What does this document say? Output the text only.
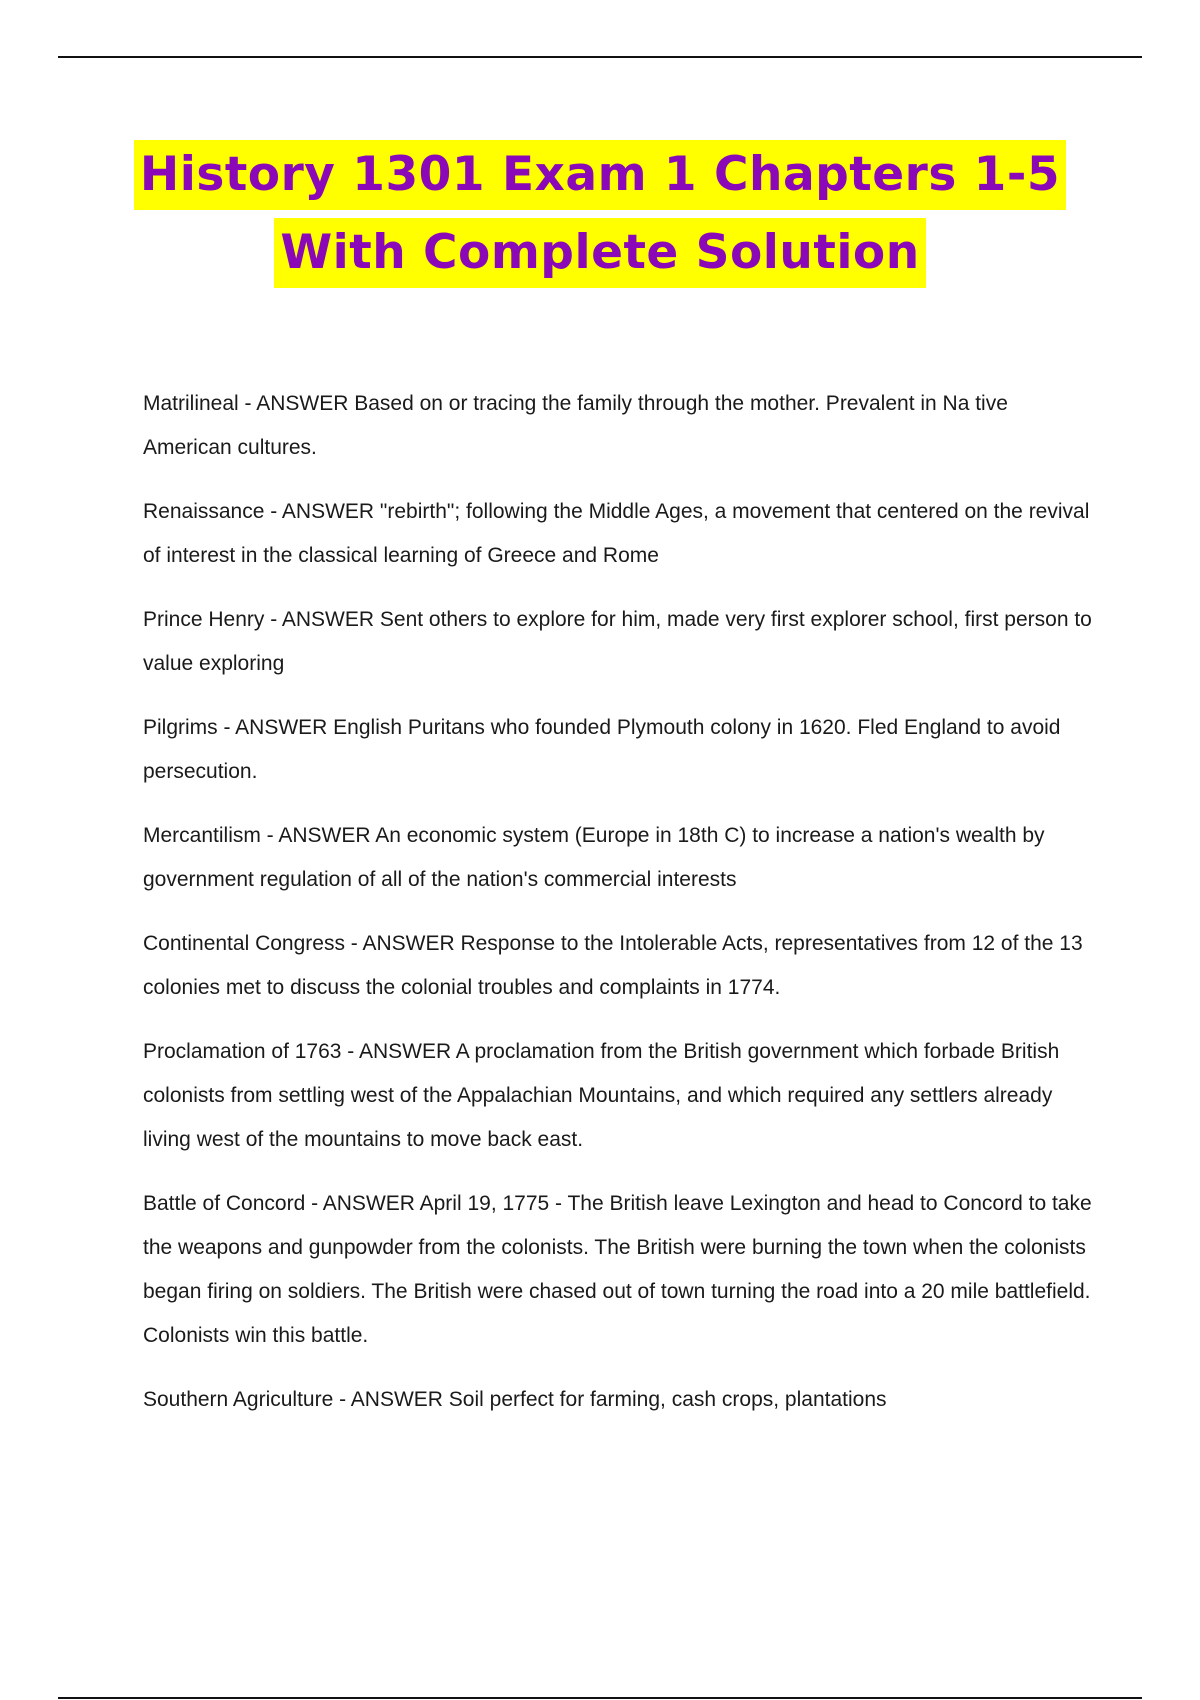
History 1301 Exam 1 Chapters 1-5
With Complete Solution

Matrilineal - ANSWER Based on or tracing the family through the mother. Prevalent in Na tive American cultures.

Renaissance - ANSWER "rebirth"; following the Middle Ages, a movement that centered on the revival of interest in the classical learning of Greece and Rome

Prince Henry - ANSWER Sent others to explore for him, made very first explorer school, first person to value exploring

Pilgrims - ANSWER English Puritans who founded Plymouth colony in 1620. Fled England to avoid persecution.

Mercantilism - ANSWER An economic system (Europe in 18th C) to increase a nation's wealth by government regulation of all of the nation's commercial interests

Continental Congress - ANSWER Response to the Intolerable Acts, representatives from 12 of the 13 colonies met to discuss the colonial troubles and complaints in 1774.

Proclamation of 1763 - ANSWER A proclamation from the British government which forbade British colonists from settling west of the Appalachian Mountains, and which required any settlers already living west of the mountains to move back east.

Battle of Concord - ANSWER April 19, 1775 - The British leave Lexington and head to Concord to take the weapons and gunpowder from the colonists. The British were burning the town when the colonists began firing on soldiers. The British were chased out of town turning the road into a 20 mile battlefield. Colonists win this battle.

Southern Agriculture - ANSWER Soil perfect for farming, cash crops, plantations
